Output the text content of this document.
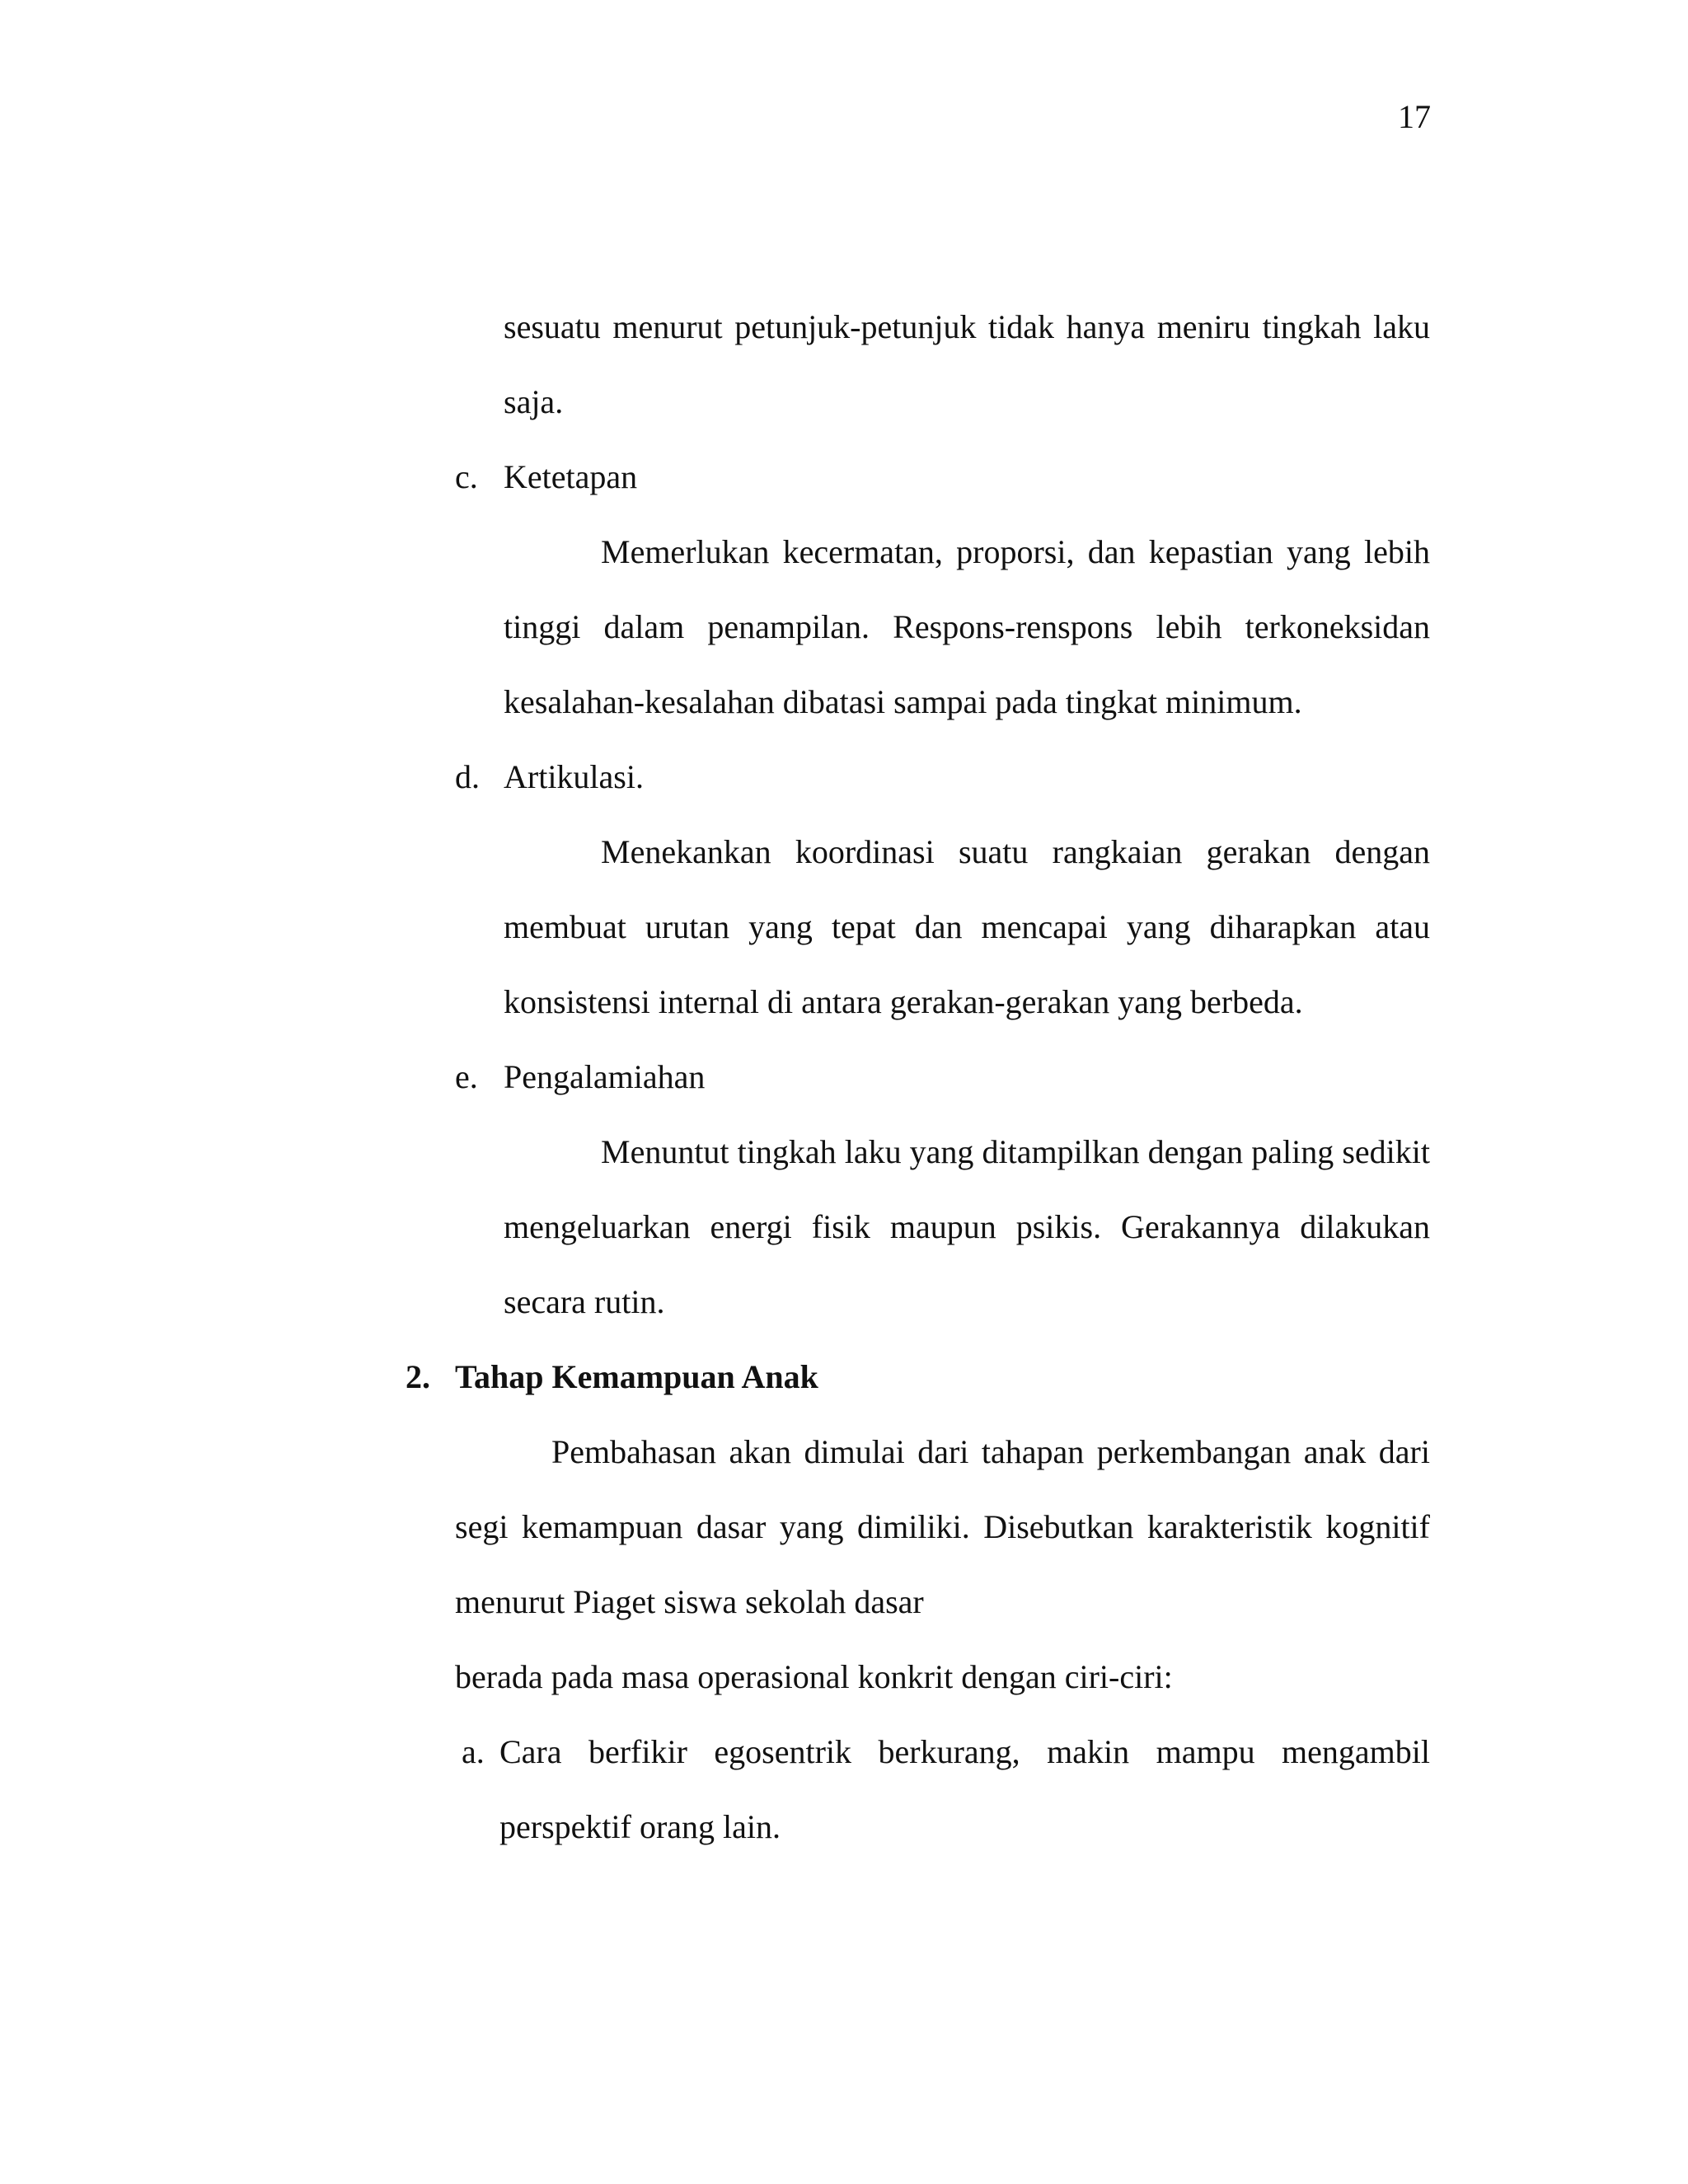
17
sesuatu menurut petunjuk-petunjuk tidak hanya meniru tingkah laku
saja.
c. Ketetapan
Memerlukan kecermatan, proporsi, dan kepastian yang lebih
tinggi dalam penampilan. Respons-renspons lebih terkoneksidan
kesalahan-kesalahan dibatasi sampai pada tingkat minimum.
d. Artikulasi.
Menekankan koordinasi suatu rangkaian gerakan dengan
membuat urutan yang tepat dan mencapai yang diharapkan atau
konsistensi internal di antara gerakan-gerakan yang berbeda.
e. Pengalamiahan
Menuntut tingkah laku yang ditampilkan dengan paling sedikit
mengeluarkan energi fisik maupun psikis. Gerakannya dilakukan
secara rutin.
2. Tahap Kemampuan Anak
Pembahasan akan dimulai dari tahapan perkembangan anak dari
segi kemampuan dasar yang dimiliki. Disebutkan karakteristik kognitif
menurut Piaget siswa sekolah dasar
berada pada masa operasional konkrit dengan ciri-ciri:
a. Cara berfikir egosentrik berkurang, makin mampu mengambil
perspektif orang lain.
